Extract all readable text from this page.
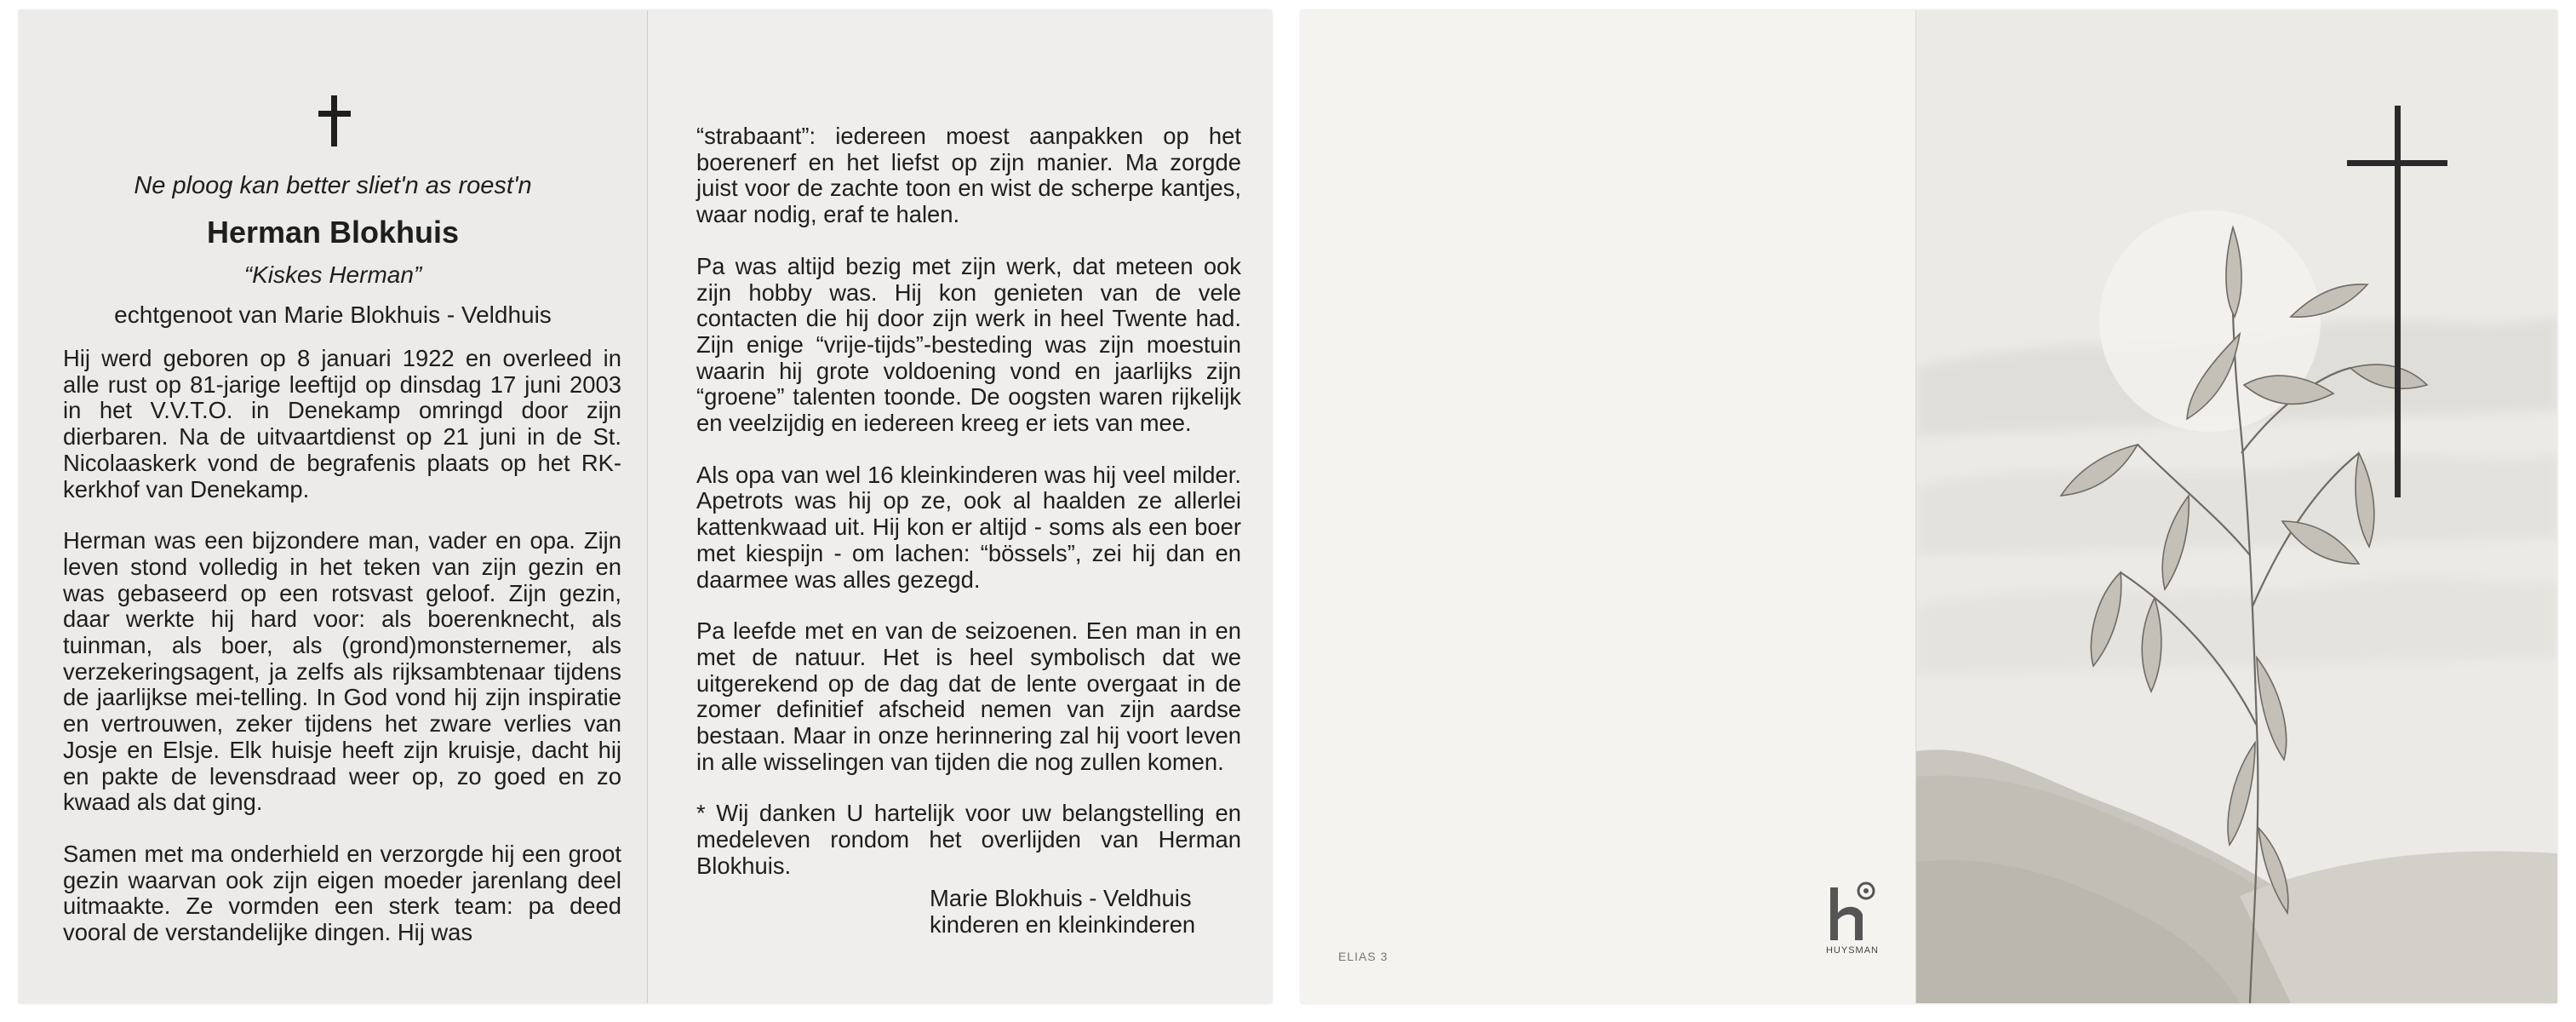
Ne ploog kan better sliet'n as roest'n
Herman Blokhuis
“Kiskes Herman”
echtgenoot van Marie Blokhuis - Veldhuis

Hij werd geboren op 8 januari 1922 en overleed in alle rust op 81-jarige leeftijd op dinsdag 17 juni 2003 in het V.V.T.O. in Denekamp omringd door zijn dierbaren. Na de uitvaartdienst op 21 juni in de St. Nicolaaskerk vond de begrafenis plaats op het RK-kerkhof van Denekamp.

Herman was een bijzondere man, vader en opa. Zijn leven stond volledig in het teken van zijn gezin en was gebaseerd op een rotsvast geloof. Zijn gezin, daar werkte hij hard voor: als boerenknecht, als tuinman, als boer, als (grond)monsternemer, als verzekeringsagent, ja zelfs als rijksambtenaar tijdens de jaarlijkse mei-telling. In God vond hij zijn inspiratie en vertrouwen, zeker tijdens het zware verlies van Josje en Elsje. Elk huisje heeft zijn kruisje, dacht hij en pakte de levensdraad weer op, zo goed en zo kwaad als dat ging.

Samen met ma onderhield en verzorgde hij een groot gezin waarvan ook zijn eigen moeder jarenlang deel uitmaakte. Ze vormden een sterk team: pa deed vooral de verstandelijke dingen. Hij was

“strabaant”: iedereen moest aanpakken op het boerenerf en het liefst op zijn manier. Ma zorgde juist voor de zachte toon en wist de scherpe kantjes, waar nodig, eraf te halen.

Pa was altijd bezig met zijn werk, dat meteen ook zijn hobby was. Hij kon genieten van de vele contacten die hij door zijn werk in heel Twente had. Zijn enige “vrije-tijds”-besteding was zijn moestuin waarin hij grote voldoening vond en jaarlijks zijn “groene” talenten toonde. De oogsten waren rijkelijk en veelzijdig en iedereen kreeg er iets van mee.

Als opa van wel 16 kleinkinderen was hij veel milder. Apetrots was hij op ze, ook al haalden ze allerlei kattenkwaad uit. Hij kon er altijd - soms als een boer met kiespijn - om lachen: “bössels”, zei hij dan en daarmee was alles gezegd.

Pa leefde met en van de seizoenen. Een man in en met de natuur. Het is heel symbolisch dat we uitgerekend op de dag dat de lente overgaat in de zomer definitief afscheid nemen van zijn aardse bestaan. Maar in onze herinnering zal hij voort leven in alle wisselingen van tijden die nog zullen komen.

* Wij danken U hartelijk voor uw belangstelling en medeleven rondom het overlijden van Herman Blokhuis.

Marie Blokhuis - Veldhuis
kinderen en kleinkinderen
ELIAS 3	HUYSMAN
